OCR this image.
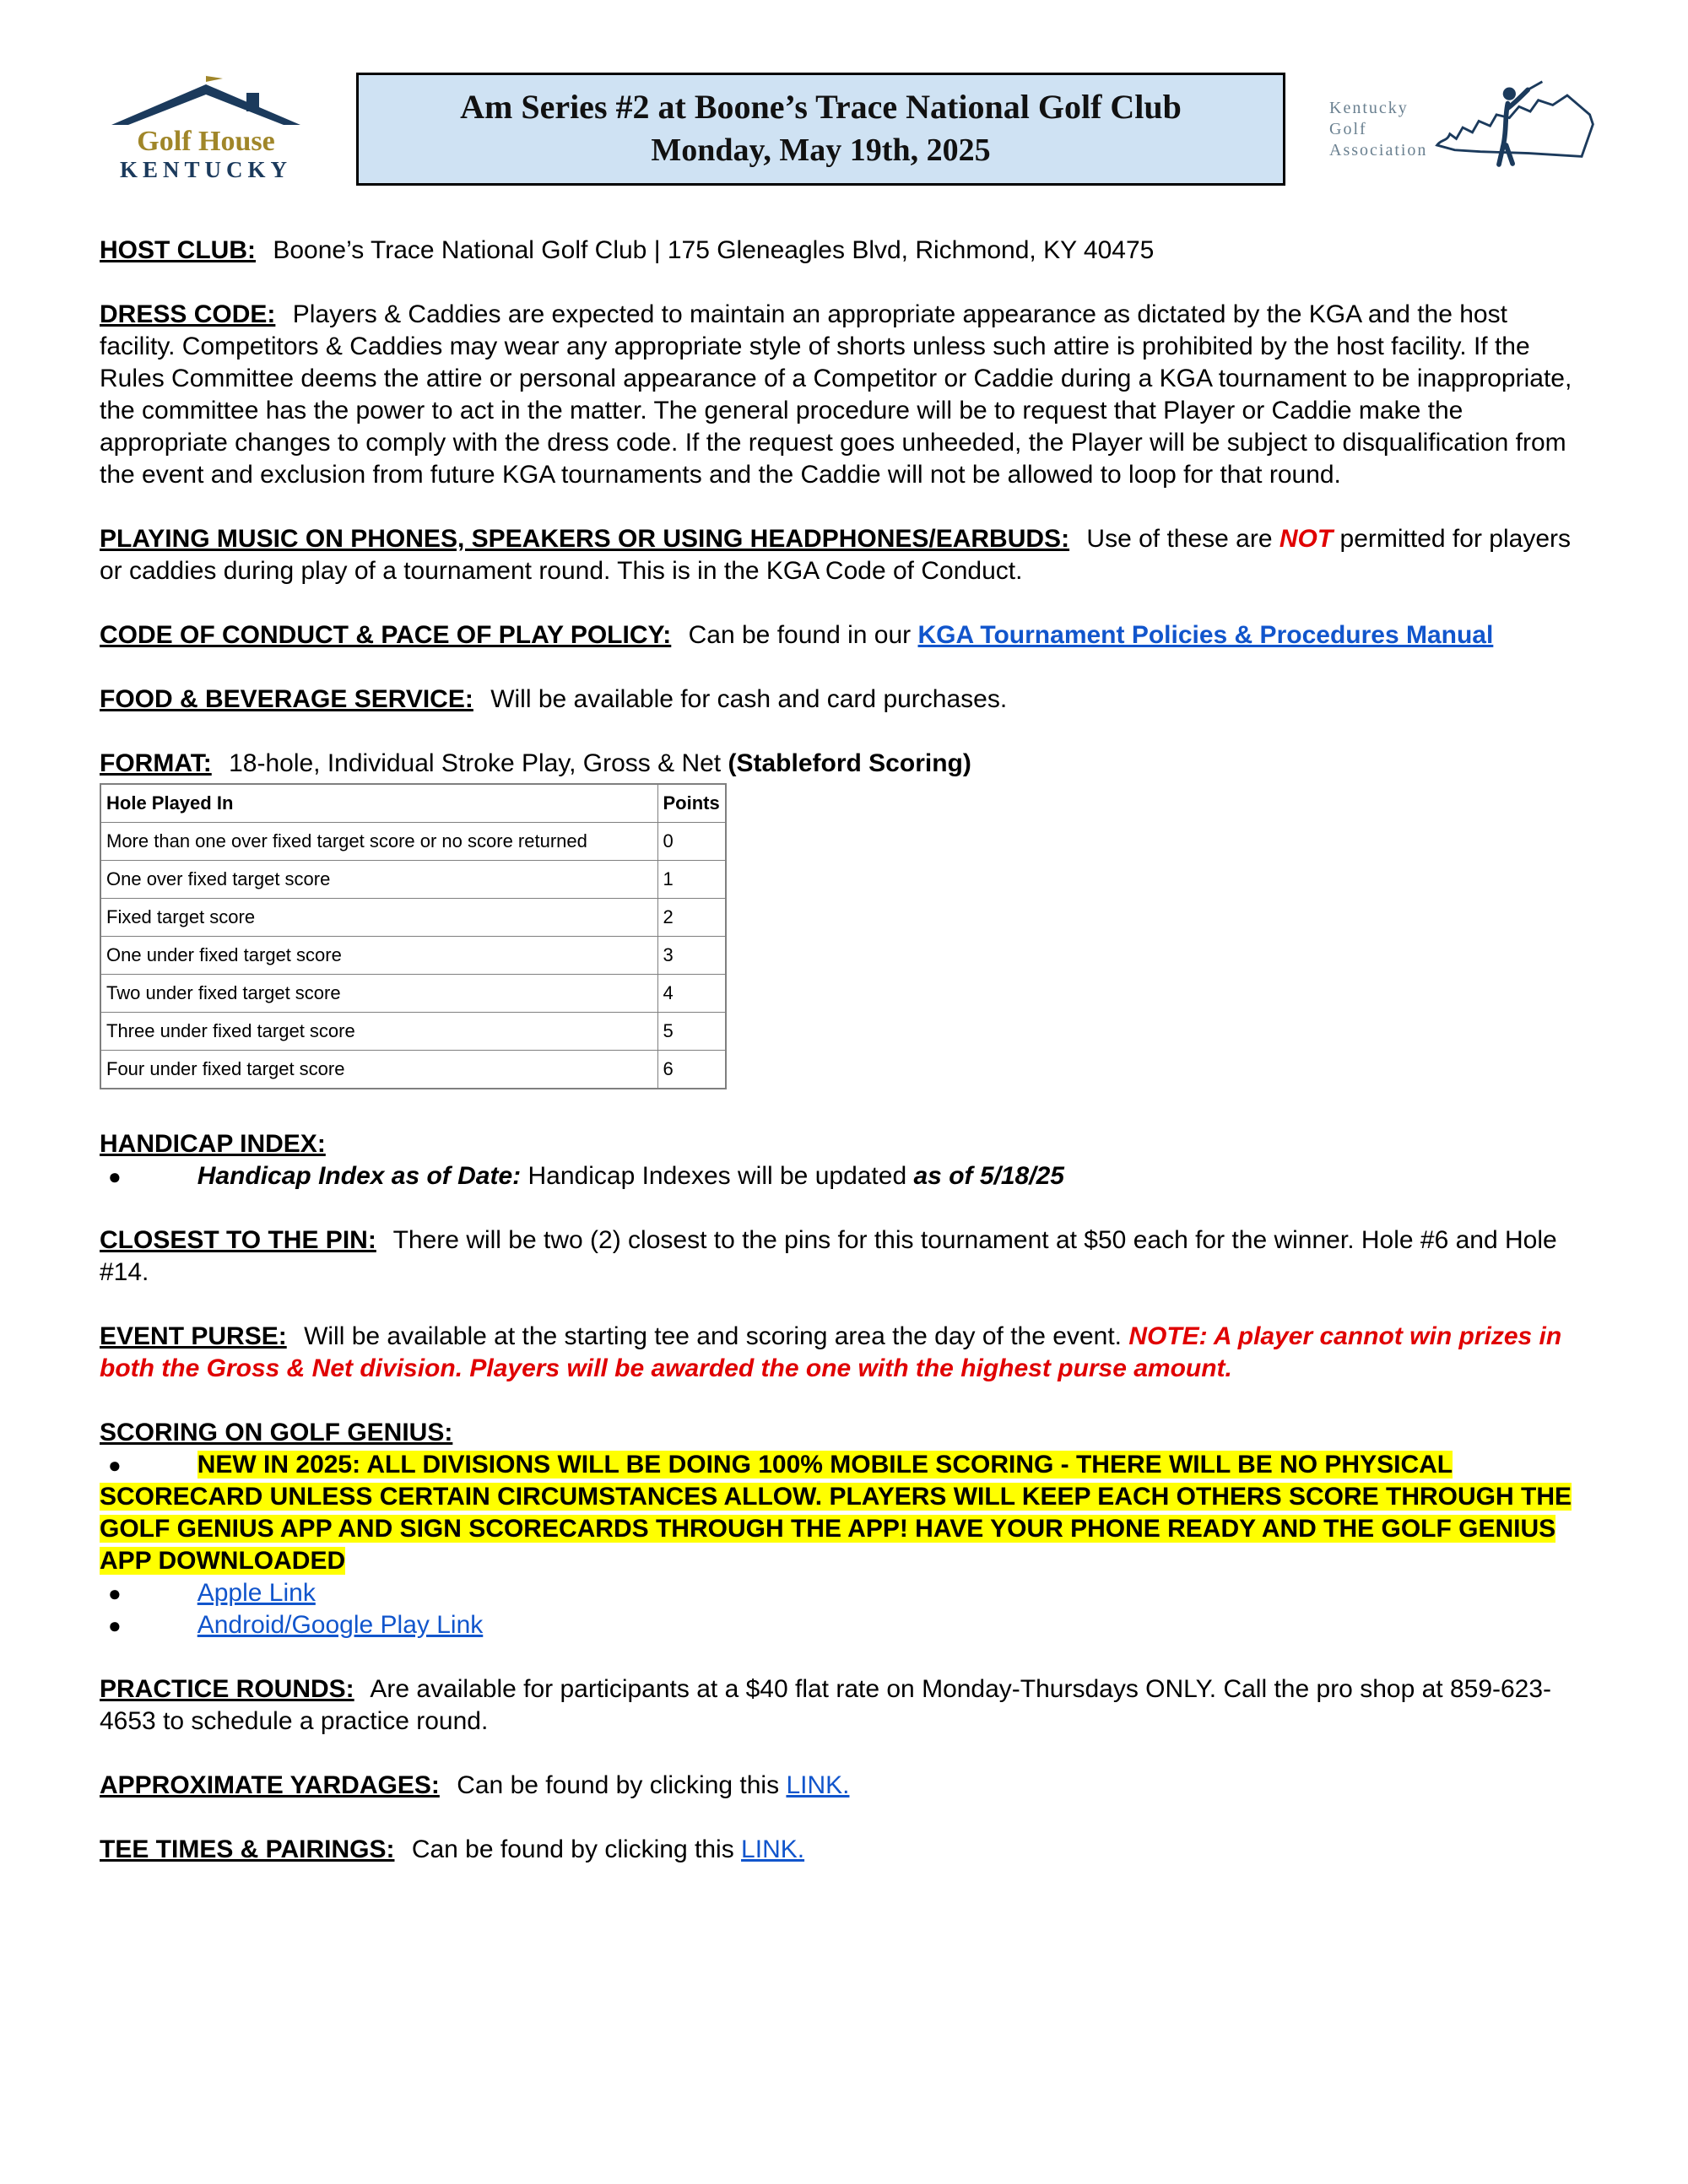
Golf House
KENTUCKY
Am Series #2 at Boone’s Trace National Golf Club
Monday, May 19th, 2025
Kentucky
Golf
Association

HOST CLUB: Boone’s Trace National Golf Club | 175 Gleneagles Blvd, Richmond, KY 40475

DRESS CODE: Players & Caddies are expected to maintain an appropriate appearance as dictated by the KGA and the host facility. Competitors & Caddies may wear any appropriate style of shorts unless such attire is prohibited by the host facility. If the Rules Committee deems the attire or personal appearance of a Competitor or Caddie during a KGA tournament to be inappropriate, the committee has the power to act in the matter. The general procedure will be to request that Player or Caddie make the appropriate changes to comply with the dress code. If the request goes unheeded, the Player will be subject to disqualification from the event and exclusion from future KGA tournaments and the Caddie will not be allowed to loop for that round.

PLAYING MUSIC ON PHONES, SPEAKERS OR USING HEADPHONES/EARBUDS: Use of these are NOT permitted for players or caddies during play of a tournament round. This is in the KGA Code of Conduct.

CODE OF CONDUCT & PACE OF PLAY POLICY: Can be found in our KGA Tournament Policies & Procedures Manual

FOOD & BEVERAGE SERVICE: Will be available for cash and card purchases.

FORMAT: 18-hole, Individual Stroke Play, Gross & Net (Stableford Scoring)

Hole Played In	Points
More than one over fixed target score or no score returned	0
One over fixed target score	1
Fixed target score	2
One under fixed target score	3
Two under fixed target score	4
Three under fixed target score	5
Four under fixed target score	6

HANDICAP INDEX:

●	Handicap Index as of Date: Handicap Indexes will be updated as of 5/18/25

CLOSEST TO THE PIN: There will be two (2) closest to the pins for this tournament at $50 each for the winner. Hole #6 and Hole #14.

EVENT PURSE: Will be available at the starting tee and scoring area the day of the event. NOTE: A player cannot win prizes in both the Gross & Net division. Players will be awarded the one with the highest purse amount.

SCORING ON GOLF GENIUS:

●	NEW IN 2025: ALL DIVISIONS WILL BE DOING 100% MOBILE SCORING - THERE WILL BE NO PHYSICAL SCORECARD UNLESS CERTAIN CIRCUMSTANCES ALLOW. PLAYERS WILL KEEP EACH OTHERS SCORE THROUGH THE GOLF GENIUS APP AND SIGN SCORECARDS THROUGH THE APP! HAVE YOUR PHONE READY AND THE GOLF GENIUS APP DOWNLOADED
●	Apple Link
●	Android/Google Play Link

PRACTICE ROUNDS: Are available for participants at a $40 flat rate on Monday-Thursdays ONLY. Call the pro shop at 859-623-4653 to schedule a practice round.

APPROXIMATE YARDAGES: Can be found by clicking this LINK.

TEE TIMES & PAIRINGS: Can be found by clicking this LINK.
